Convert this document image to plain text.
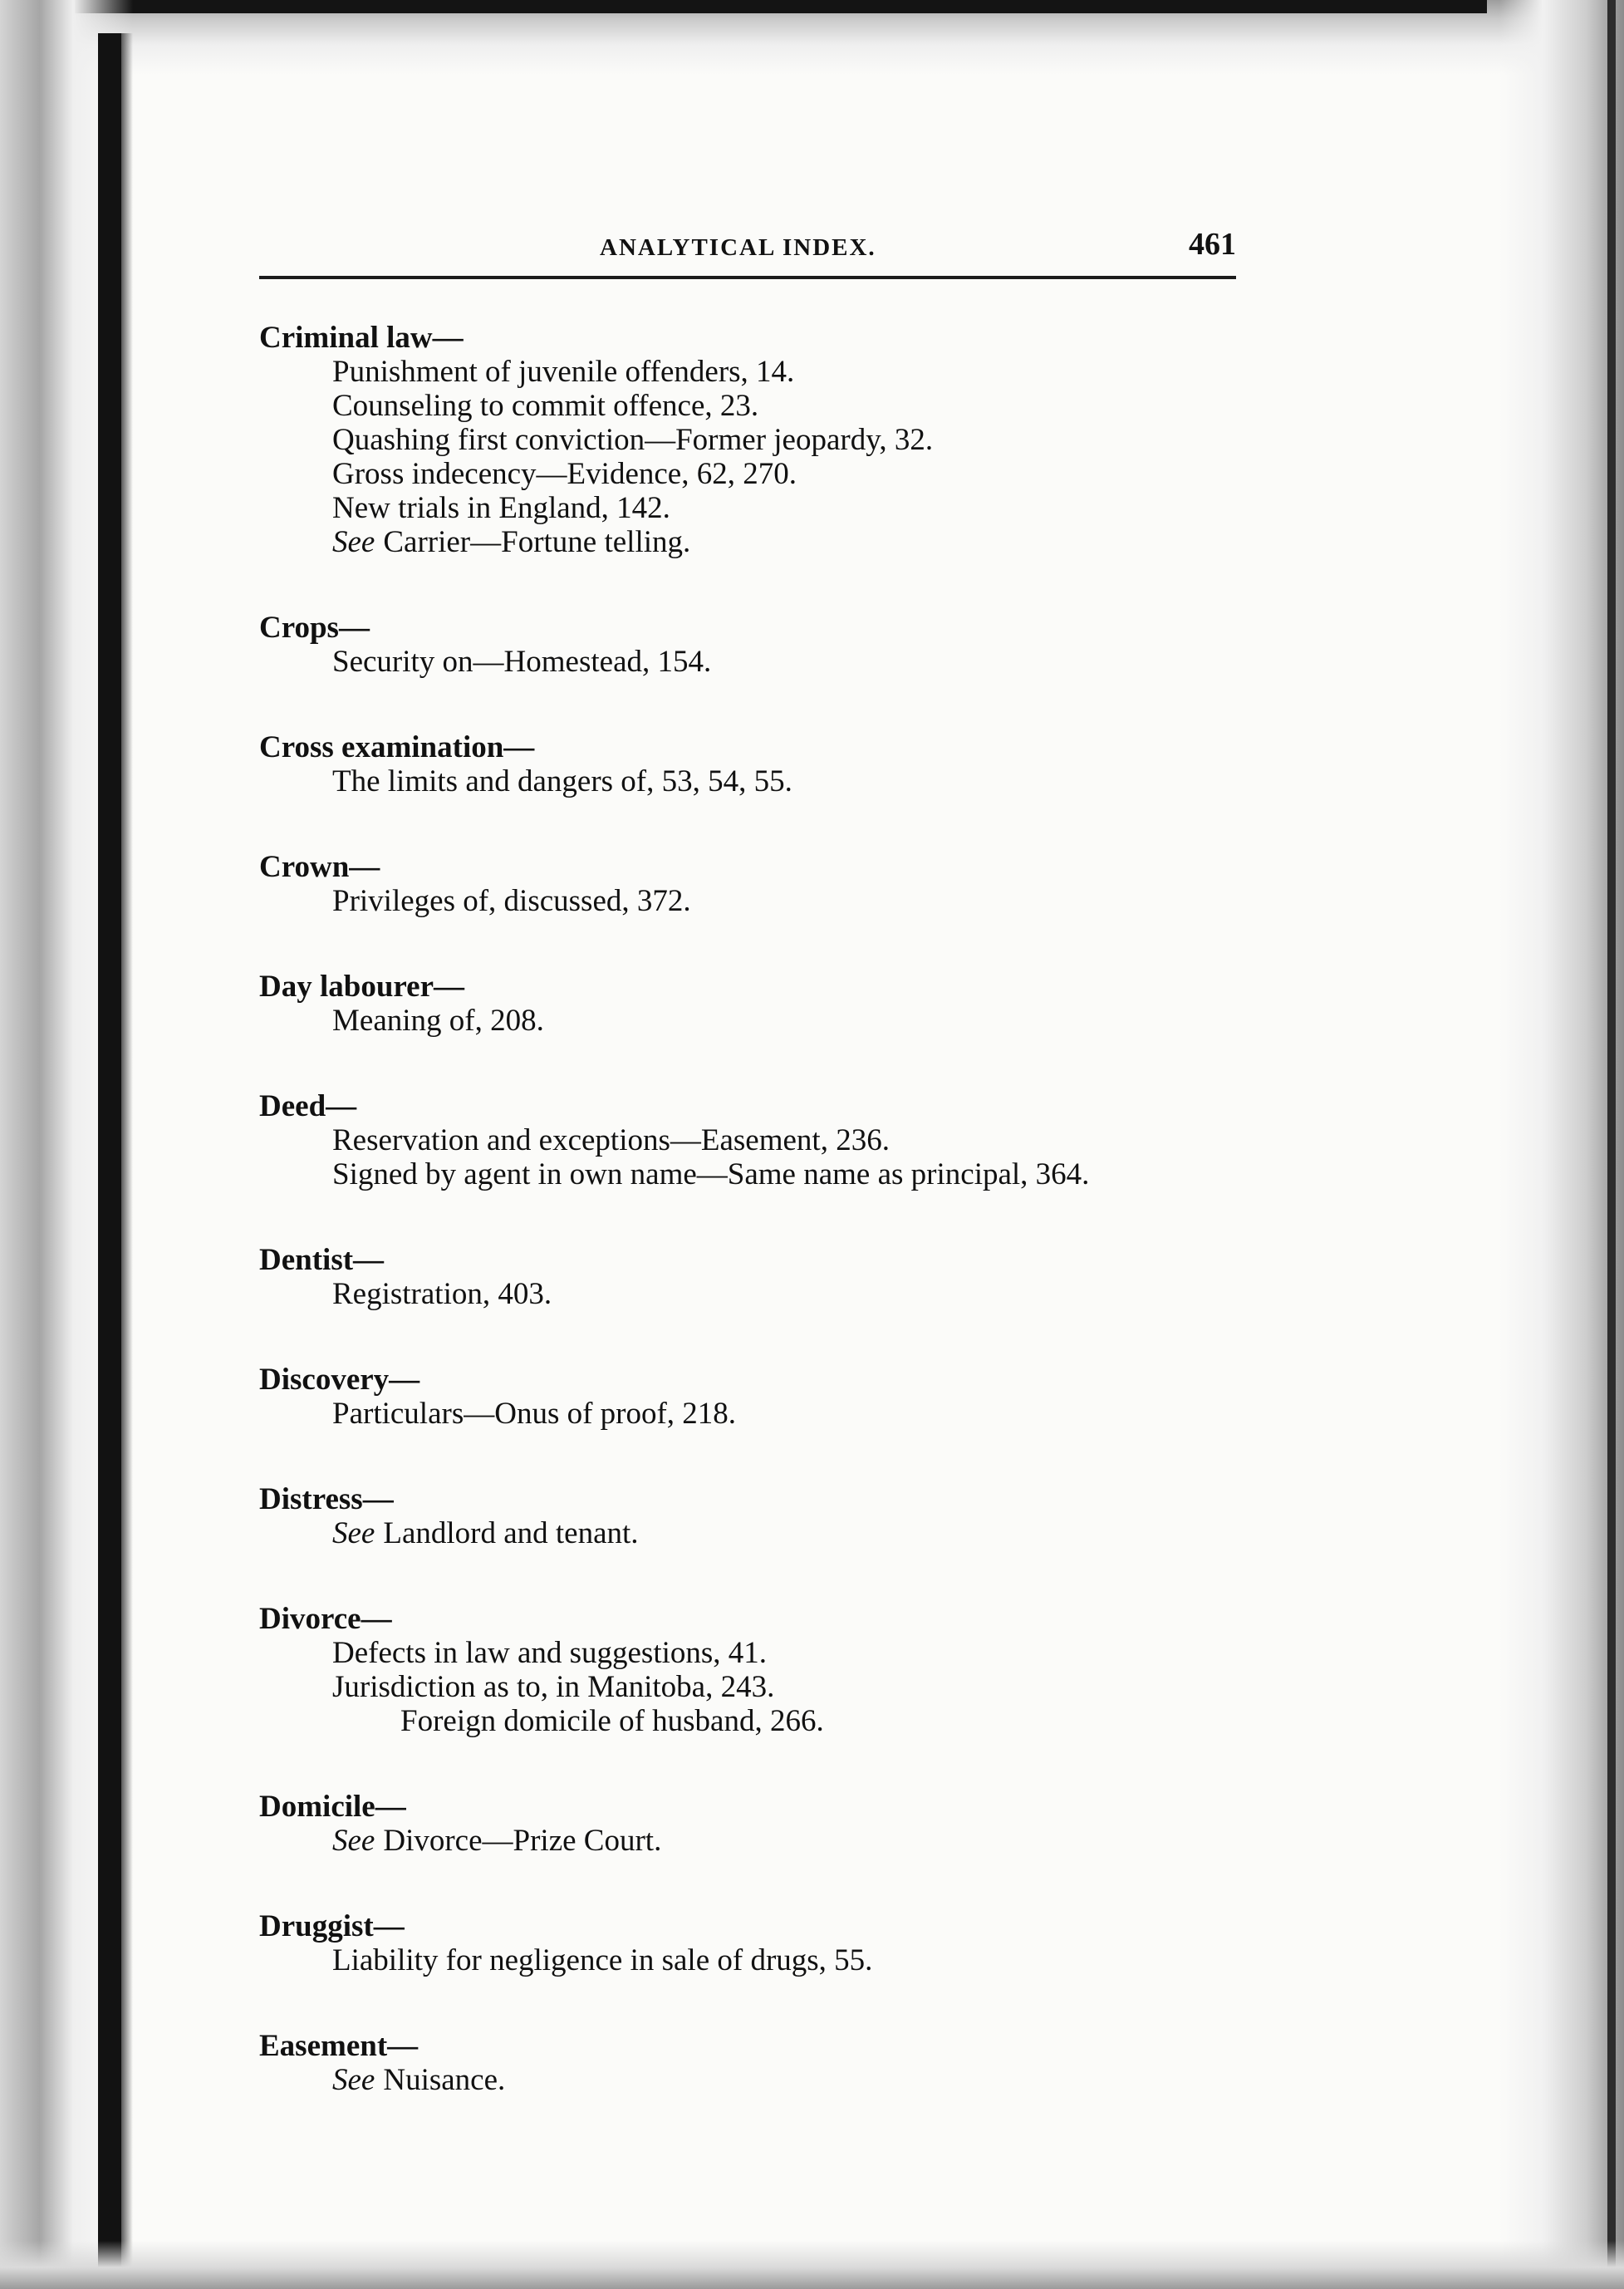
ANALYTICAL INDEX.	461
Criminal law—
Punishment of juvenile offenders, 14.
Counseling to commit offence, 23.
Quashing first conviction—Former jeopardy, 32.
Gross indecency—Evidence, 62, 270.
New trials in England, 142.
See Carrier—Fortune telling.
Crops—
Security on—Homestead, 154.
Cross examination—
The limits and dangers of, 53, 54, 55.
Crown—
Privileges of, discussed, 372.
Day labourer—
Meaning of, 208.
Deed—
Reservation and exceptions—Easement, 236.
Signed by agent in own name—Same name as principal, 364.
Dentist—
Registration, 403.
Discovery—
Particulars—Onus of proof, 218.
Distress—
See Landlord and tenant.
Divorce—
Defects in law and suggestions, 41.
Jurisdiction as to, in Manitoba, 243.
Foreign domicile of husband, 266.
Domicile—
See Divorce—Prize Court.
Druggist—
Liability for negligence in sale of drugs, 55.
Easement—
See Nuisance.
